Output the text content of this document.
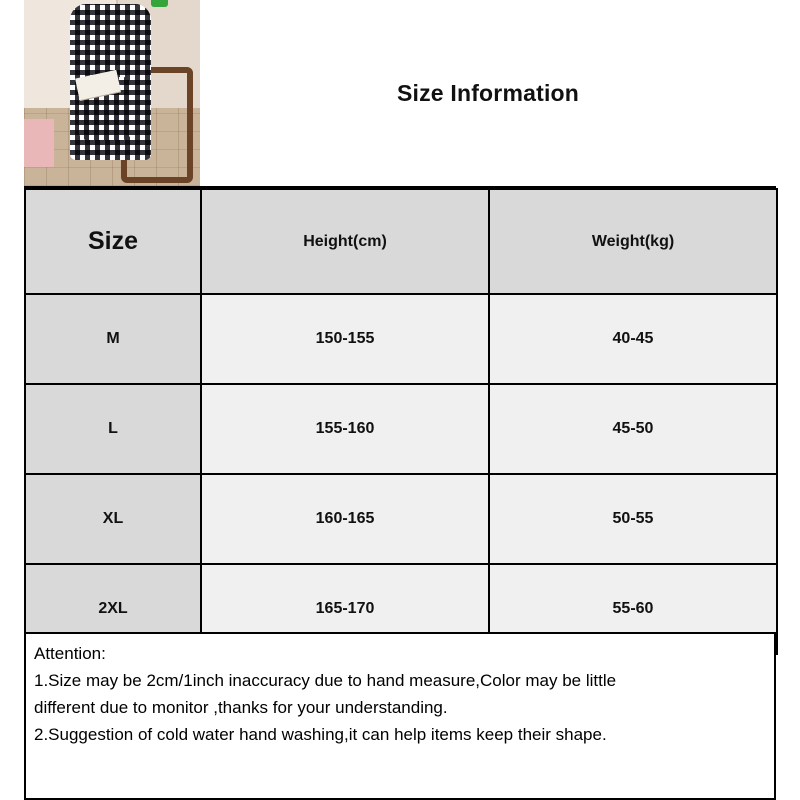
Size Information
Size	Height(cm)	Weight(kg)
M	150-155	40-45
L	155-160	45-50
XL	160-165	50-55
2XL	165-170	55-60

Attention:

1.Size may be 2cm/1inch inaccuracy due to hand measure,Color may be little

different due to monitor ,thanks for your understanding.

2.Suggestion of cold water hand washing,it can help items keep their shape.
